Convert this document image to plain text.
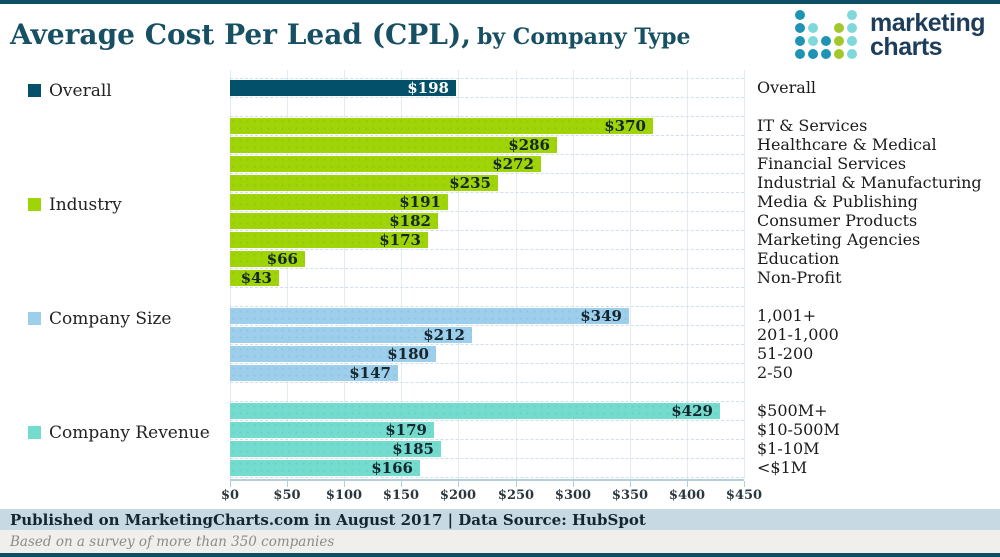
Average Cost Per Lead (CPL), by Company Type
marketing
charts
Overall
Industry
Company Size
Company Revenue
$198
$370
$286
$272
$235
$191
$182
$173
$66
$43
$349
$212
$180
$147
$429
$179
$185
$166
$0	$50 $100 $150 $200 $250 $300 $350 $400 $450
Overall
IT & Services
Healthcare & Medical
Financial Services
Industrial & Manufacturing
Media & Publishing
Consumer Products
Marketing Agencies
Education
Non-Profit
1,001+
201-1,000
51-200
2-50
$500M+
$10-500M
$1-10M
<$1M
Published on MarketingCharts.com in August 2017 | Data Source: HubSpot
Based on a survey of more than 350 companies
